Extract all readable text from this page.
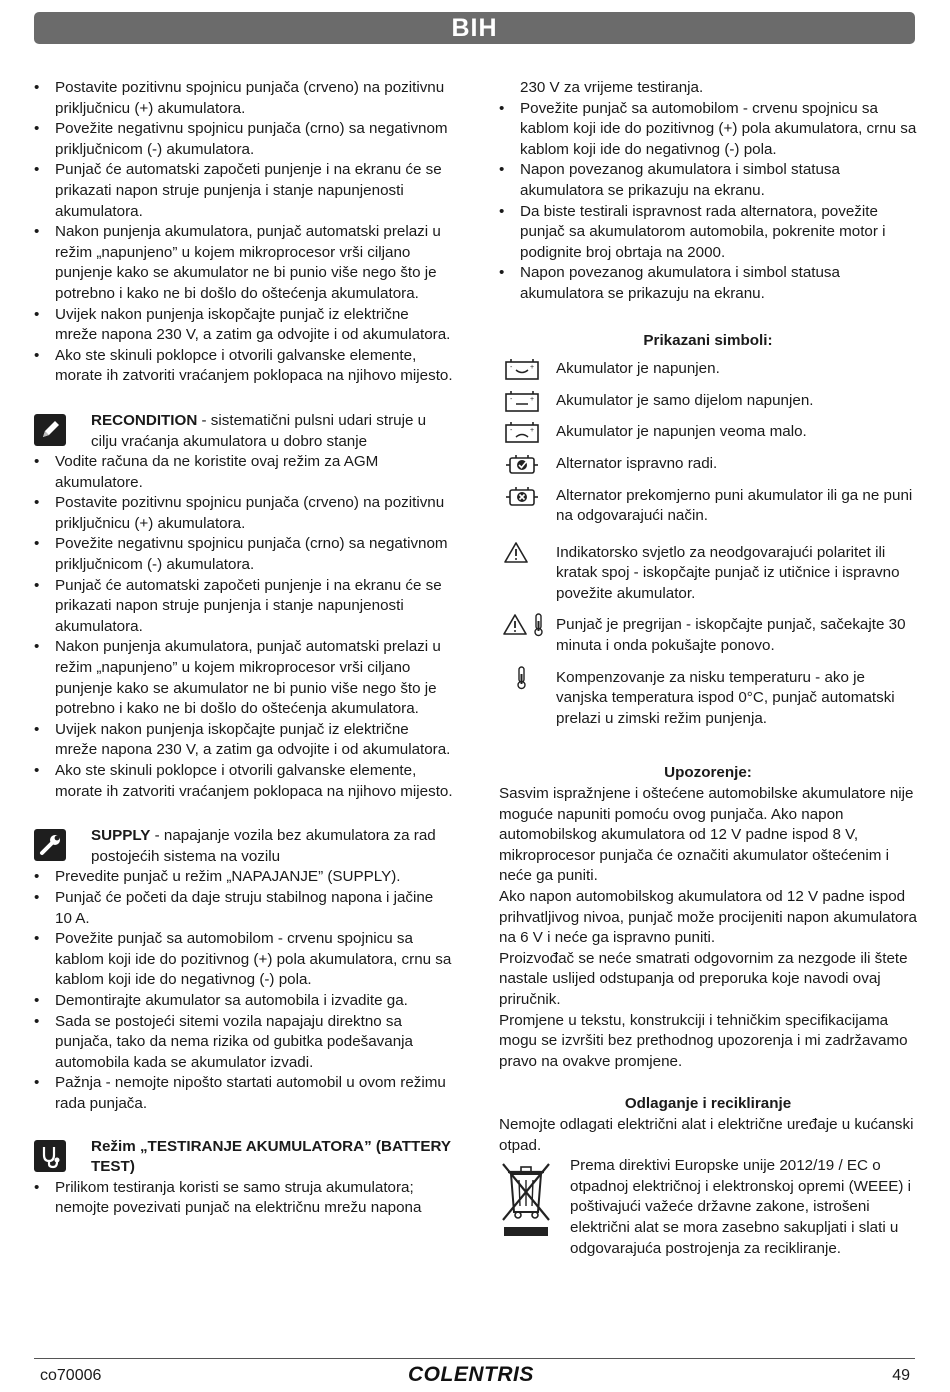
BIH
• Postavite pozitivnu spojnicu punjača (crveno) na pozitivnu priključnicu (+) akumulatora.
• Povežite negativnu spojnicu punjača (crno) sa negativnom priključnicom (-) akumulatora.
• Punjač će automatski započeti punjenje i na ekranu će se prikazati napon struje punjenja i stanje napunjenosti akumulatora.
• Nakon punjenja akumulatora, punjač automatski prelazi u režim „napunjeno” u kojem mikroprocesor vrši ciljano punjenje kako se akumulator ne bi punio više nego što je potrebno i kako ne bi došlo do oštećenja akumulatora.
• Uvijek nakon punjenja iskopčajte punjač iz električne mreže napona 230 V, a zatim ga odvojite i od akumulatora.
• Ako ste skinuli poklopce i otvorili galvanske elemente, morate ih zatvoriti vraćanjem poklopaca na njihovo mijesto.
RECONDITION - sistematični pulsni udari struje u cilju vraćanja akumulatora u dobro stanje
• Vodite računa da ne koristite ovaj režim za AGM akumulatore.
• Postavite pozitivnu spojnicu punjača (crveno) na pozitivnu priključnicu (+) akumulatora.
• Povežite negativnu spojnicu punjača (crno) sa negativnom priključnicom (-) akumulatora.
• Punjač će automatski započeti punjenje i na ekranu će se prikazati napon struje punjenja i stanje napunjenosti akumulatora.
• Nakon punjenja akumulatora, punjač automatski prelazi u režim „napunjeno” u kojem mikroprocesor vrši ciljano punjenje kako se akumulator ne bi punio više nego što je potrebno i kako ne bi došlo do oštećenja akumulatora.
• Uvijek nakon punjenja iskopčajte punjač iz električne mreže napona 230 V, a zatim ga odvojite i od akumulatora.
• Ako ste skinuli poklopce i otvorili galvanske elemente, morate ih zatvoriti vraćanjem poklopaca na njihovo mijesto.
SUPPLY - napajanje vozila bez akumulatora za rad postojećih sistema na vozilu
• Prevedite punjač u režim „NAPAJANJE” (SUPPLY).
• Punjač će početi da daje struju stabilnog napona i jačine 10 A.
• Povežite punjač sa automobilom - crvenu spojnicu sa kablom koji ide do pozitivnog (+) pola akumulatora, crnu sa kablom koji ide do negativnog (-) pola.
• Demontirajte akumulator sa automobila i izvadite ga.
• Sada se postojeći sitemi vozila napajaju direktno sa punjača, tako da nema rizika od gubitka podešavanja automobila kada se akumulator izvadi.
• Pažnja - nemojte nipošto startati automobil u ovom režimu rada punjača.
Režim „TESTIRANJE AKUMULATORA” (BATTERY TEST)
• Prilikom testiranja koristi se samo struja akumulatora; nemojte povezivati punjač na električnu mrežu napona
230 V za vrijeme testiranja.
• Povežite punjač sa automobilom - crvenu spojnicu sa kablom koji ide do pozitivnog (+) pola akumulatora, crnu sa kablom koji ide do negativnog (-) pola.
• Napon povezanog akumulatora i simbol statusa akumulatora se prikazuju na ekranu.
• Da biste testirali ispravnost rada alternatora, povežite punjač sa akumulatorom automobila, pokrenite motor i podignite broj obrtaja na 2000.
• Napon povezanog akumulatora i simbol statusa akumulatora se prikazuju na ekranu.
Prikazani simboli:
-	+ Akumulator je napunjen.
-	+ Akumulator je samo dijelom napunjen.
-	+ Akumulator je napunjen veoma malo.
Alternator ispravno radi.
Alternator prekomjerno puni akumulator ili ga ne puni na odgovarajući način.
Indikatorsko svjetlo za neodgovarajući polaritet ili kratak spoj - iskopčajte punjač iz utičnice i ispravno povežite akumulator.
Punjač je pregrijan - iskopčajte punjač, sačekajte 30 minuta i onda pokušajte ponovo.
Kompenzovanje za nisku temperaturu - ako je vanjska temperatura ispod 0°C, punjač automatski prelazi u zimski režim punjenja.
Upozorenje:

Sasvim ispražnjene i oštećene automobilske akumulatore nije moguće napuniti pomoću ovog punjača. Ako napon automobilskog akumulatora od 12 V padne ispod 8 V, mikroprocesor punjača će označiti akumulator oštećenim i neće ga puniti.

Ako napon automobilskog akumulatora od 12 V padne ispod prihvatljivog nivoa, punjač može procijeniti napon akumulatora na 6 V i neće ga ispravno puniti.

Proizvođač se neće smatrati odgovornim za nezgode ili štete nastale uslijed odstupanja od preporuka koje navodi ovaj priručnik.

Promjene u tekstu, konstrukciji i tehničkim specifikacijama mogu se izvršiti bez prethodnog upozorenja i mi zadržavamo pravo na ovakve promjene.

Odlaganje i recikliranje

Nemojte odlagati električni alat i električne uređaje u kućanski otpad.

Prema direktivi Europske unije 2012/19 / EC o otpadnoj električnoj i elektronskoj opremi (WEEE) i poštivajući važeće državne zakone, istrošeni električni alat se mora zasebno sakupljati i slati u odgovarajuća postrojenja za recikliranje.
co70006	COLENTRIS	49
